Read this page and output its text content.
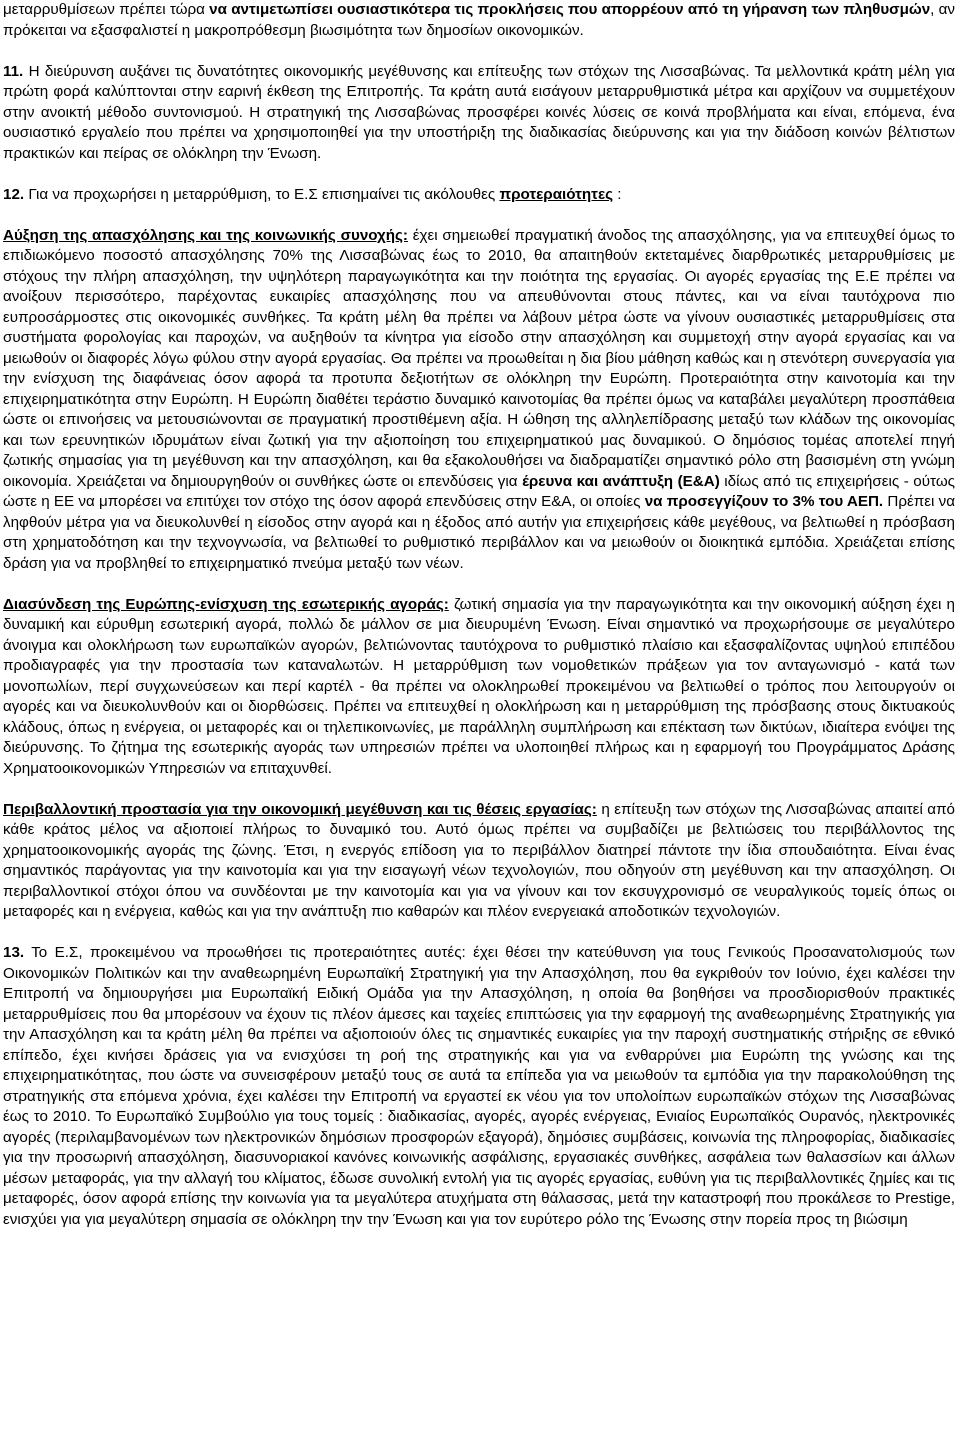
μεταρρυθμίσεων πρέπει τώρα να αντιμετωπίσει ουσιαστικότερα τις προκλήσεις που απορρέουν από τη γήρανση των πληθυσμών, αν πρόκειται να εξασφαλιστεί η μακροπρόθεσμη βιωσιμότητα των δημοσίων οικονομικών.

11. Η διεύρυνση αυξάνει τις δυνατότητες οικονομικής μεγέθυνσης και επίτευξης των στόχων της Λισσαβώνας. Τα μελλοντικά κράτη μέλη για πρώτη φορά καλύπτονται στην εαρινή έκθεση της Επιτροπής. Τα κράτη αυτά εισάγουν μεταρρυθμιστικά μέτρα και αρχίζουν να συμμετέχουν στην ανοικτή μέθοδο συντονισμού. Η στρατηγική της Λισσαβώνας προσφέρει κοινές λύσεις σε κοινά προβλήματα και είναι, επόμενα, ένα ουσιαστικό εργαλείο που πρέπει να χρησιμοποιηθεί για την υποστήριξη της διαδικασίας διεύρυνσης και για την διάδοση κοινών βέλτιστων πρακτικών και πείρας σε ολόκληρη την Ένωση.

12. Για να προχωρήσει η μεταρρύθμιση, το Ε.Σ επισημαίνει τις ακόλουθες προτεραιότητες :

Αύξηση της απασχόλησης και της κοινωνικής συνοχής: έχει σημειωθεί πραγματική άνοδος της απασχόλησης, για να επιτευχθεί όμως το επιδιωκόμενο ποσοστό απασχόλησης 70% της Λισσαβώνας έως το 2010, θα απαιτηθούν εκτεταμένες διαρθρωτικές μεταρρυθμίσεις με στόχους την πλήρη απασχόληση, την υψηλότερη παραγωγικότητα και την ποιότητα της εργασίας. Οι αγορές εργασίας της Ε.Ε πρέπει να ανοίξουν περισσότερο, παρέχοντας ευκαιρίες απασχόλησης που να απευθύνονται στους πάντες, και να είναι ταυτόχρονα πιο ευπροσάρμοστες στις οικονομικές συνθήκες. Τα κράτη μέλη θα πρέπει να λάβουν μέτρα ώστε να γίνουν ουσιαστικές μεταρρυθμίσεις στα συστήματα φορολογίας και παροχών, να αυξηθούν τα κίνητρα για είσοδο στην απασχόληση και συμμετοχή στην αγορά εργασίας και να μειωθούν οι διαφορές λόγω φύλου στην αγορά εργασίας. Θα πρέπει να προωθείται η δια βίου μάθηση καθώς και η στενότερη συνεργασία για την ενίσχυση της διαφάνειας όσον αφορά τα προτυπα δεξιοτήτων σε ολόκληρη την Ευρώπη. Προτεραιότητα στην καινοτομία και την επιχειρηματικότητα στην Ευρώπη. Η Ευρώπη διαθέτει τεράστιο δυναμικό καινοτομίας θα πρέπει όμως να καταβάλει μεγαλύτερη προσπάθεια ώστε οι επινοήσεις να μετουσιώνονται σε πραγματική προστιθέμενη αξία. Η ώθηση της αλληλεπίδρασης μεταξύ των κλάδων της οικονομίας και των ερευνητικών ιδρυμάτων είναι ζωτική για την αξιοποίηση του επιχειρηματικού μας δυναμικού. Ο δημόσιος τομέας αποτελεί πηγή ζωτικής σημασίας για τη μεγέθυνση και την απασχόληση, και θα εξακολουθήσει να διαδραματίζει σημαντικό ρόλο στη βασισμένη στη γνώμη οικονομία. Χρειάζεται να δημιουργηθούν οι συνθήκες ώστε οι επενδύσεις για έρευνα και ανάπτυξη (Ε&Α) ιδίως από τις επιχειρήσεις - ούτως ώστε η ΕΕ να μπορέσει να επιτύχει τον στόχο της όσον αφορά επενδύσεις στην Ε&Α, οι οποίες να προσεγγίζουν το 3% του ΑΕΠ. Πρέπει να ληφθούν μέτρα για να διευκολυνθεί η είσοδος στην αγορά και η έξοδος από αυτήν για επιχειρήσεις κάθε μεγέθους, να βελτιωθεί η πρόσβαση στη χρηματοδότηση και την τεχνογνωσία, να βελτιωθεί το ρυθμιστικό περιβάλλον και να μειωθούν οι διοικητικά εμπόδια. Χρειάζεται επίσης δράση για να προβληθεί το επιχειρηματικό πνεύμα μεταξύ των νέων.

Διασύνδεση της Ευρώπης-ενίσχυση της εσωτερικής αγοράς: ζωτική σημασία για την παραγωγικότητα και την οικονομική αύξηση έχει η δυναμική και εύρυθμη εσωτερική αγορά, πολλώ δε μάλλον σε μια διευρυμένη Ένωση. Είναι σημαντικό να προχωρήσουμε σε μεγαλύτερο άνοιγμα και ολοκλήρωση των ευρωπαϊκών αγορών, βελτιώνοντας ταυτόχρονα το ρυθμιστικό πλαίσιο και εξασφαλίζοντας υψηλού επιπέδου προδιαγραφές για την προστασία των καταναλωτών. Η μεταρρύθμιση των νομοθετικών πράξεων για τον ανταγωνισμό - κατά των μονοπωλίων, περί συγχωνεύσεων και περί καρτέλ - θα πρέπει να ολοκληρωθεί προκειμένου να βελτιωθεί ο τρόπος που λειτουργούν οι αγορές και να διευκολυνθούν και οι διορθώσεις. Πρέπει να επιτευχθεί η ολοκλήρωση και η μεταρρύθμιση της πρόσβασης στους δικτυακούς κλάδους, όπως η ενέργεια, οι μεταφορές και οι τηλεπικοινωνίες, με παράλληλη συμπλήρωση και επέκταση των δικτύων, ιδιαίτερα ενόψει της διεύρυνσης. Το ζήτημα της εσωτερικής αγοράς των υπηρεσιών πρέπει να υλοποιηθεί πλήρως και η εφαρμογή του Προγράμματος Δράσης Χρηματοοικονομικών Υπηρεσιών να επιταχυνθεί.

Περιβαλλοντική προστασία για την οικονομική μεγέθυνση και τις θέσεις εργασίας: η επίτευξη των στόχων της Λισσαβώνας απαιτεί από κάθε κράτος μέλος να αξιοποιεί πλήρως το δυναμικό του. Αυτό όμως πρέπει να συμβαδίζει με βελτιώσεις του περιβάλλοντος της χρηματοοικονομικής αγοράς της ζώνης. Έτσι, η ενεργός επίδοση για το περιβάλλον διατηρεί πάντοτε την ίδια σπουδαιότητα. Είναι ένας σημαντικός παράγοντας για την καινοτομία και για την εισαγωγή νέων τεχνολογιών, που οδηγούν στη μεγέθυνση και την απασχόληση. Οι περιβαλλοντικοί στόχοι όπου να συνδέονται με την καινοτομία και για να γίνουν και τον εκσυγχρονισμό σε νευραλγικούς τομείς όπως οι μεταφορές και η ενέργεια, καθώς και για την ανάπτυξη πιο καθαρών και πλέον ενεργειακά αποδοτικών τεχνολογιών.

13. Το Ε.Σ, προκειμένου να προωθήσει τις προτεραιότητες αυτές: έχει θέσει την κατεύθυνση για τους Γενικούς Προσανατολισμούς των Οικονομικών Πολιτικών και την αναθεωρημένη Ευρωπαϊκή Στρατηγική για την Απασχόληση, που θα εγκριθούν τον Ιούνιο, έχει καλέσει την Επιτροπή να δημιουργήσει μια Ευρωπαϊκή Ειδική Ομάδα για την Απασχόληση, η οποία θα βοηθήσει να προσδιορισθούν πρακτικές μεταρρυθμίσεις που θα μπορέσουν να έχουν τις πλέον άμεσες και ταχείες επιπτώσεις για την εφαρμογή της αναθεωρημένης Στρατηγικής για την Απασχόληση και τα κράτη μέλη θα πρέπει να αξιοποιούν όλες τις σημαντικές ευκαιρίες για την παροχή συστηματικής στήριξης σε εθνικό επίπεδο, έχει κινήσει δράσεις για να ενισχύσει τη ροή της στρατηγικής και για να ενθαρρύνει μια Ευρώπη της γνώσης και της επιχειρηματικότητας, που ώστε να συνεισφέρουν μεταξύ τους σε αυτά τα επίπεδα για να μειωθούν τα εμπόδια για την παρακολούθηση της στρατηγικής στα επόμενα χρόνια, έχει καλέσει την Επιτροπή να εργαστεί εκ νέου για τον υπολοίπων ευρωπαϊκών στόχων της Λισσαβώνας έως το 2010. Το Ευρωπαϊκό Συμβούλιο για τους τομείς : διαδικασίας, αγορές, αγορές ενέργειας, Ενιαίος Ευρωπαϊκός Ουρανός, ηλεκτρονικές αγορές (περιλαμβανομένων των ηλεκτρονικών δημόσιων προσφορών εξαγορά), δημόσιες συμβάσεις, κοινωνία της πληροφορίας, διαδικασίες για την προσωρινή απασχόληση, διασυνοριακοί κανόνες κοινωνικής ασφάλισης, εργασιακές συνθήκες, ασφάλεια των θαλασσίων και άλλων μέσων μεταφοράς, για την αλλαγή του κλίματος, έδωσε συνολική εντολή για τις αγορές εργασίας, ευθύνη για τις περιβαλλοντικές ζημίες και τις μεταφορές, όσον αφορά επίσης την κοινωνία για τα μεγαλύτερα ατυχήματα στη θάλασσας, μετά την καταστροφή που προκάλεσε το Prestige, ενισχύει για για μεγαλύτερη σημασία σε ολόκληρη την την Ένωση και για τον ευρύτερο ρόλο της Ένωσης στην πορεία προς τη βιώσιμη
